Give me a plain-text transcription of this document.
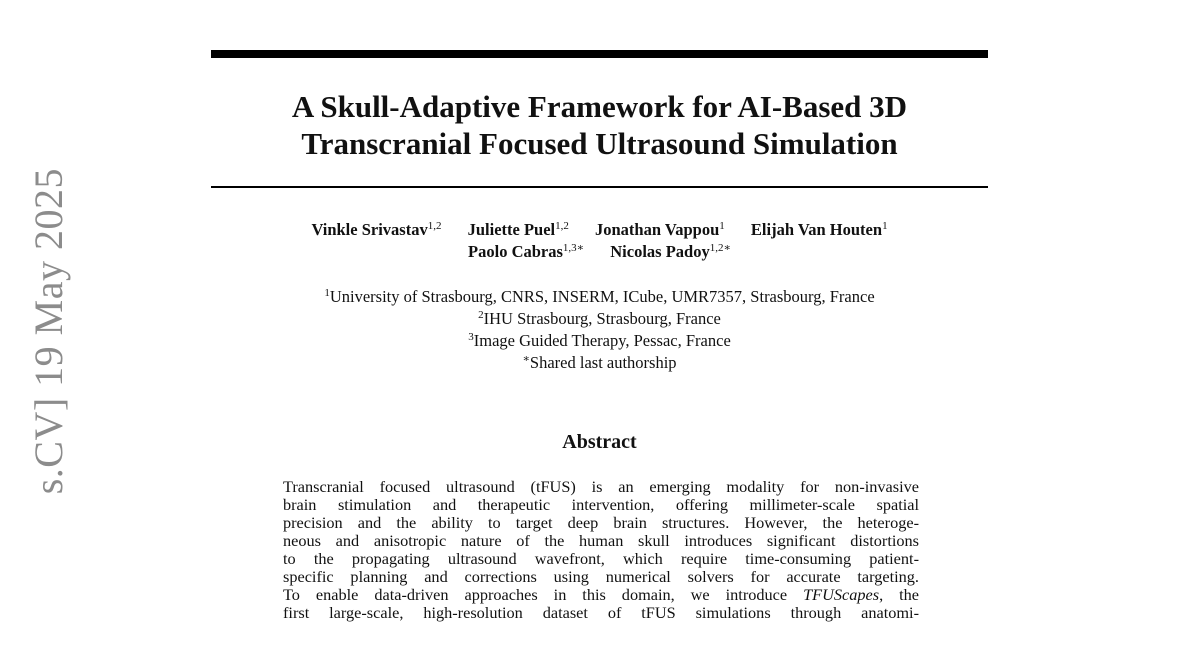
s.CV] 19 May 2025
A Skull-Adaptive Framework for AI-Based 3D
Transcranial Focused Ultrasound Simulation
Vinkle Srivastav$^{1,2}$ Juliette Puel$^{1,2}$ Jonathan Vappou$^1$ Elijah Van Houten$^1$
Paolo Cabras$^{1,3∗}$ Nicolas Padoy$^{1,2∗}$
$^1$University of Strasbourg, CNRS, INSERM, ICube, UMR7357, Strasbourg, France
$^2$IHU Strasbourg, Strasbourg, France
$^3$Image Guided Therapy, Pessac, France
∗Shared last authorship
Abstract
Transcranial focused ultrasound (tFUS) is an emerging modality for non-invasive
brain stimulation and therapeutic intervention, offering millimeter-scale spatial
precision and the ability to target deep brain structures. However, the heteroge-
neous and anisotropic nature of the human skull introduces significant distortions
to the propagating ultrasound wavefront, which require time-consuming patient-
specific planning and corrections using numerical solvers for accurate targeting.
To enable data-driven approaches in this domain, we introduce TFUScapes, the
first large-scale, high-resolution dataset of tFUS simulations through anatomi-
